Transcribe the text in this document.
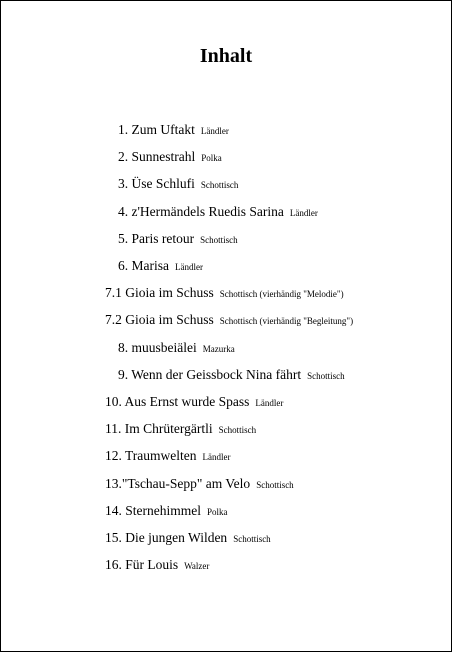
Inhalt
1. Zum Uftakt Ländler
2. Sunnestrahl Polka
3. Üse Schlufi Schottisch
4. z'Hermändels Ruedis Sarina Ländler
5. Paris retour Schottisch
6. Marisa Ländler
7.1 Gioia im Schuss Schottisch (vierhändig "Melodie")
7.2 Gioia im Schuss Schottisch (vierhändig "Begleitung")
8. muusbeiälei Mazurka
9. Wenn der Geissbock Nina fährt Schottisch
10. Aus Ernst wurde Spass Ländler
11. Im Chrütergärtli Schottisch
12. Traumwelten Ländler
13."Tschau-Sepp" am Velo Schottisch
14. Sternehimmel Polka
15. Die jungen Wilden Schottisch
16. Für Louis Walzer
